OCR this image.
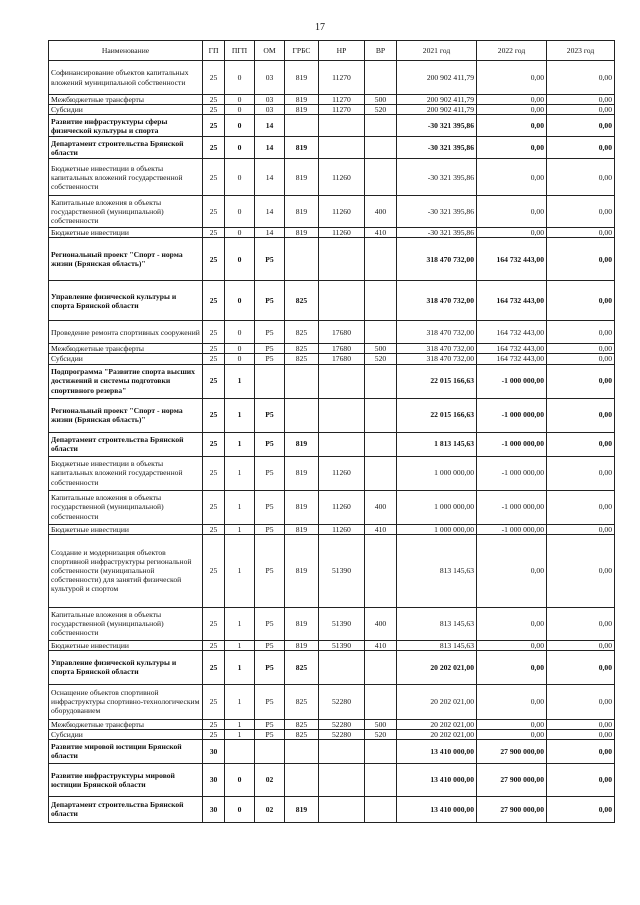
17
Наименование	ГП	ПГП	ОМ	ГРБС	НР	ВР	2021 год	2022 год	2023 год
Софинансирование объектов капитальных вложений муниципальной собственности	25	0	03	819	11270		200 902 411,79	0,00	0,00
Межбюджетные трансферты	25	0	03	819	11270	500	200 902 411,79	0,00	0,00
Субсидии	25	0	03	819	11270	520	200 902 411,79	0,00	0,00
Развитие инфраструктуры сферы физической культуры и спорта	25	0	14				-30 321 395,86	0,00	0,00
Департамент строительства Брянской области	25	0	14	819			-30 321 395,86	0,00	0,00
Бюджетные инвестиции в объекты капитальных вложений государственной собственности	25	0	14	819	11260		-30 321 395,86	0,00	0,00
Капитальные вложения в объекты государственной (муниципальной) собственности	25	0	14	819	11260	400	-30 321 395,86	0,00	0,00
Бюджетные инвестиции	25	0	14	819	11260	410	-30 321 395,86	0,00	0,00
Региональный проект "Спорт - норма жизни (Брянская область)"	25	0	P5				318 470 732,00	164 732 443,00	0,00
Управление физической культуры и спорта Брянской области	25	0	P5	825			318 470 732,00	164 732 443,00	0,00
Проведение ремонта спортивных сооружений	25	0	P5	825	17680		318 470 732,00	164 732 443,00	0,00
Межбюджетные трансферты	25	0	P5	825	17680	500	318 470 732,00	164 732 443,00	0,00
Субсидии	25	0	P5	825	17680	520	318 470 732,00	164 732 443,00	0,00
Подпрограмма "Развитие спорта высших достижений и системы подготовки спортивного резерва"	25	1					22 015 166,63	-1 000 000,00	0,00
Региональный проект "Спорт - норма жизни (Брянская область)"	25	1	P5				22 015 166,63	-1 000 000,00	0,00
Департамент строительства Брянской области	25	1	P5	819			1 813 145,63	-1 000 000,00	0,00
Бюджетные инвестиции в объекты капитальных вложений государственной собственности	25	1	P5	819	11260		1 000 000,00	-1 000 000,00	0,00
Капитальные вложения в объекты государственной (муниципальной) собственности	25	1	P5	819	11260	400	1 000 000,00	-1 000 000,00	0,00
Бюджетные инвестиции	25	1	P5	819	11260	410	1 000 000,00	-1 000 000,00	0,00
Создание и модернизация объектов спортивной инфраструктуры региональной собственности (муниципальной собственности) для занятий физической культурой и спортом	25	1	P5	819	51390		813 145,63	0,00	0,00
Капитальные вложения в объекты государственной (муниципальной) собственности	25	1	P5	819	51390	400	813 145,63	0,00	0,00
Бюджетные инвестиции	25	1	P5	819	51390	410	813 145,63	0,00	0,00
Управление физической культуры и спорта Брянской области	25	1	P5	825			20 202 021,00	0,00	0,00
Оснащение объектов спортивной инфраструктуры спортивно-технологическим оборудованием	25	1	P5	825	52280		20 202 021,00	0,00	0,00
Межбюджетные трансферты	25	1	P5	825	52280	500	20 202 021,00	0,00	0,00
Субсидии	25	1	P5	825	52280	520	20 202 021,00	0,00	0,00
Развитие мировой юстиции Брянской области	30						13 410 000,00	27 900 000,00	0,00
Развитие инфраструктуры мировой юстиции Брянской области	30	0	02				13 410 000,00	27 900 000,00	0,00
Департамент строительства Брянской области	30	0	02	819			13 410 000,00	27 900 000,00	0,00
